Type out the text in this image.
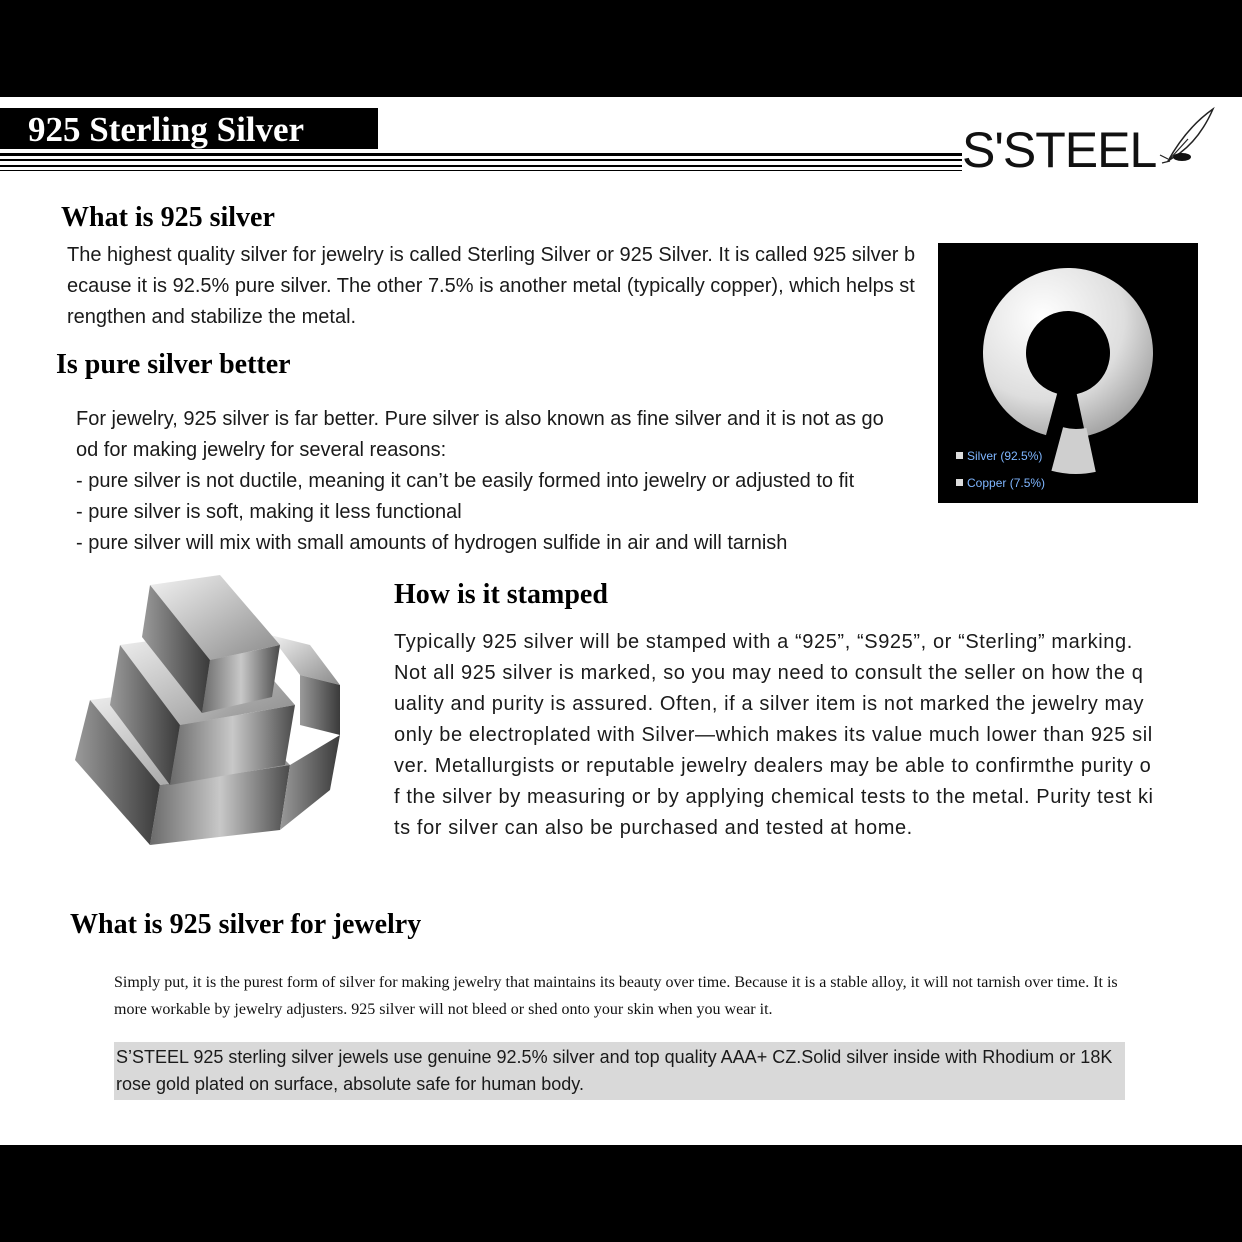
925 Sterling Silver	S'STEEL
What is 925 silver

The highest quality silver for jewelry is called Sterling Silver or 925 Silver. It is called 925 silver because it is 92.5% pure silver. The other 7.5% is another metal (typically copper), which helps strengthen and stabilize the metal.

Is pure silver better
For jewelry, 925 silver is far better. Pure silver is also known as fine silver and it is not as go
od for making jewelry for several reasons:
- pure silver is not ductile, meaning it can’t be easily formed into jewelry or adjusted to fit
- pure silver is soft, making it less functional
- pure silver will mix with small amounts of hydrogen sulfide in air and will tarnish
Silver (92.5%)
Copper (7.5%)
How is it stamped

Typically 925 silver will be stamped with a “925”, “S925”, or “Sterling” marking. Not all 925 silver is marked, so you may need to consult the seller on how the quality and purity is assured. Often, if a silver item is not marked the jewelry may only be electroplated with Silver—which makes its value much lower than 925 silver. Metallurgists or reputable jewelry dealers may be able to confirmthe purity of the silver by measuring or by applying chemical tests to the metal. Purity test kits for silver can also be purchased and tested at home.

What is 925 silver for jewelry

Simply put, it is the purest form of silver for making jewelry that maintains its beauty over time. Because it is a stable alloy, it will not tarnish over time. It is more workable by jewelry adjusters. 925 silver will not bleed or shed onto your skin when you wear it.

S’STEEL 925 sterling silver jewels use genuine 92.5% silver and top quality AAA+ CZ.Solid silver inside with Rhodium or 18K rose gold plated on surface, absolute safe for human body.
